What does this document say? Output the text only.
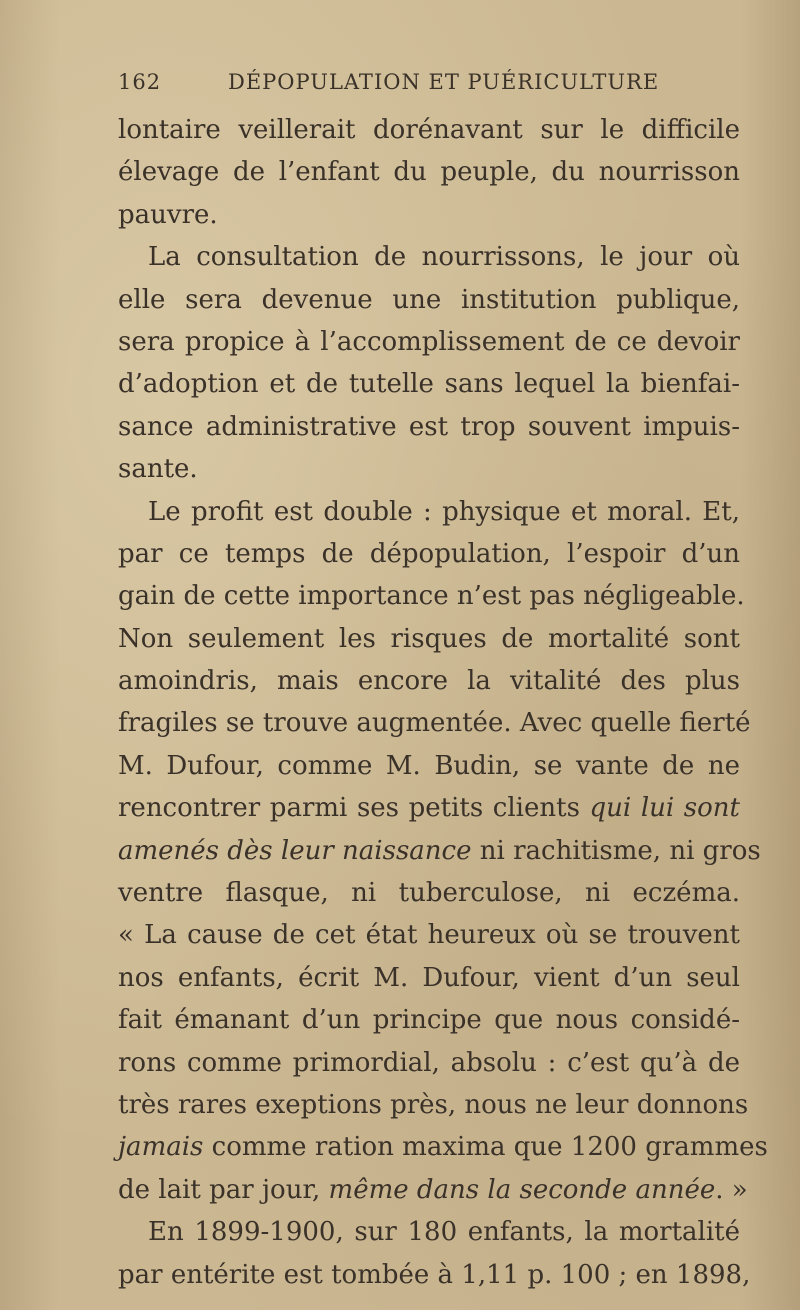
162	DÉPOPULATION ET PUÉRICULTURE
lontaire veillerait dorénavant sur le difficile
élevage de l’enfant du peuple, du nourrisson
pauvre.
La consultation de nourrissons, le jour où
elle sera devenue une institution publique,
sera propice à l’accomplissement de ce devoir
d’adoption et de tutelle sans lequel la bienfai-
sance administrative est trop souvent impuis-
sante.
Le profit est double : physique et moral. Et,
par ce temps de dépopulation, l’espoir d’un
gain de cette importance n’est pas négligeable.
Non seulement les risques de mortalité sont
amoindris, mais encore la vitalité des plus
fragiles se trouve augmentée. Avec quelle fierté
M. Dufour, comme M. Budin, se vante de ne
rencontrer parmi ses petits clients qui lui sont
amenés dès leur naissance ni rachitisme, ni gros
ventre flasque, ni tuberculose, ni eczéma.
« La cause de cet état heureux où se trouvent
nos enfants, écrit M. Dufour, vient d’un seul
fait émanant d’un principe que nous considé-
rons comme primordial, absolu : c’est qu’à de
très rares exeptions près, nous ne leur donnons
jamais comme ration maxima que 1200 grammes
de lait par jour, même dans la seconde année. »
En 1899-1900, sur 180 enfants, la mortalité
par entérite est tombée à 1,11 p. 100 ; en 1898,
